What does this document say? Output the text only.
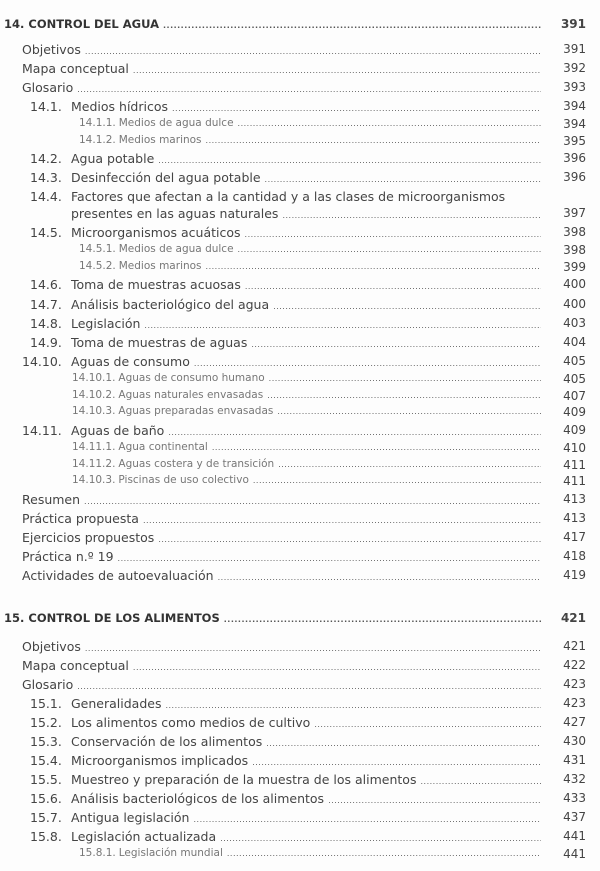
391
14. CONTROL DEL AGUA
.....
391
Objetivos
.....
392
Mapa conceptual
.....
393
Glosario
.....
394
14.1. Medios hídricos
.....
394
14.1.1. Medios de agua dulce
.....
395
14.1.2. Medios marinos
.....
396
14.2. Agua potable
.....
396
14.3. Desinfección del agua potable
.....
14.4. Factores que afectan a la cantidad y a las clases de microorganismos
397
presentes en las aguas naturales
.....
398
14.5. Microorganismos acuáticos
.....
398
14.5.1. Medios de agua dulce
.....
399
14.5.2. Medios marinos
.....
400
14.6. Toma de muestras acuosas
.....
400
14.7. Análisis bacteriológico del agua
.....
403
14.8. Legislación
.....
404
14.9. Toma de muestras de aguas
.....
405
14.10. Aguas de consumo
.....
405
14.10.1. Aguas de consumo humano
.....
407
14.10.2. Aguas naturales envasadas
.....
409
14.10.3. Aguas preparadas envasadas
.....
409
14.11. Aguas de baño
.....
410
14.11.1. Agua continental
.....
411
14.11.2. Aguas costera y de transición
.....
411
14.10.3. Piscinas de uso colectivo
.....
413
Resumen
.....
413
Práctica propuesta
.....
417
Ejercicios propuestos
.....
418
Práctica n.º 19
.....
419
Actividades de autoevaluación
.....
421
15. CONTROL DE LOS ALIMENTOS
.....
421
Objetivos
.....
422
Mapa conceptual
.....
423
Glosario
.....
423
15.1. Generalidades
.....
427
15.2. Los alimentos como medios de cultivo
.....
430
15.3. Conservación de los alimentos
.....
431
15.4. Microorganismos implicados
.....
432
15.5. Muestreo y preparación de la muestra de los alimentos
.....
433
15.6. Análisis bacteriológicos de los alimentos
.....
437
15.7. Antigua legislación
.....
441
15.8. Legislación actualizada
.....
441
15.8.1. Legislación mundial
.....
